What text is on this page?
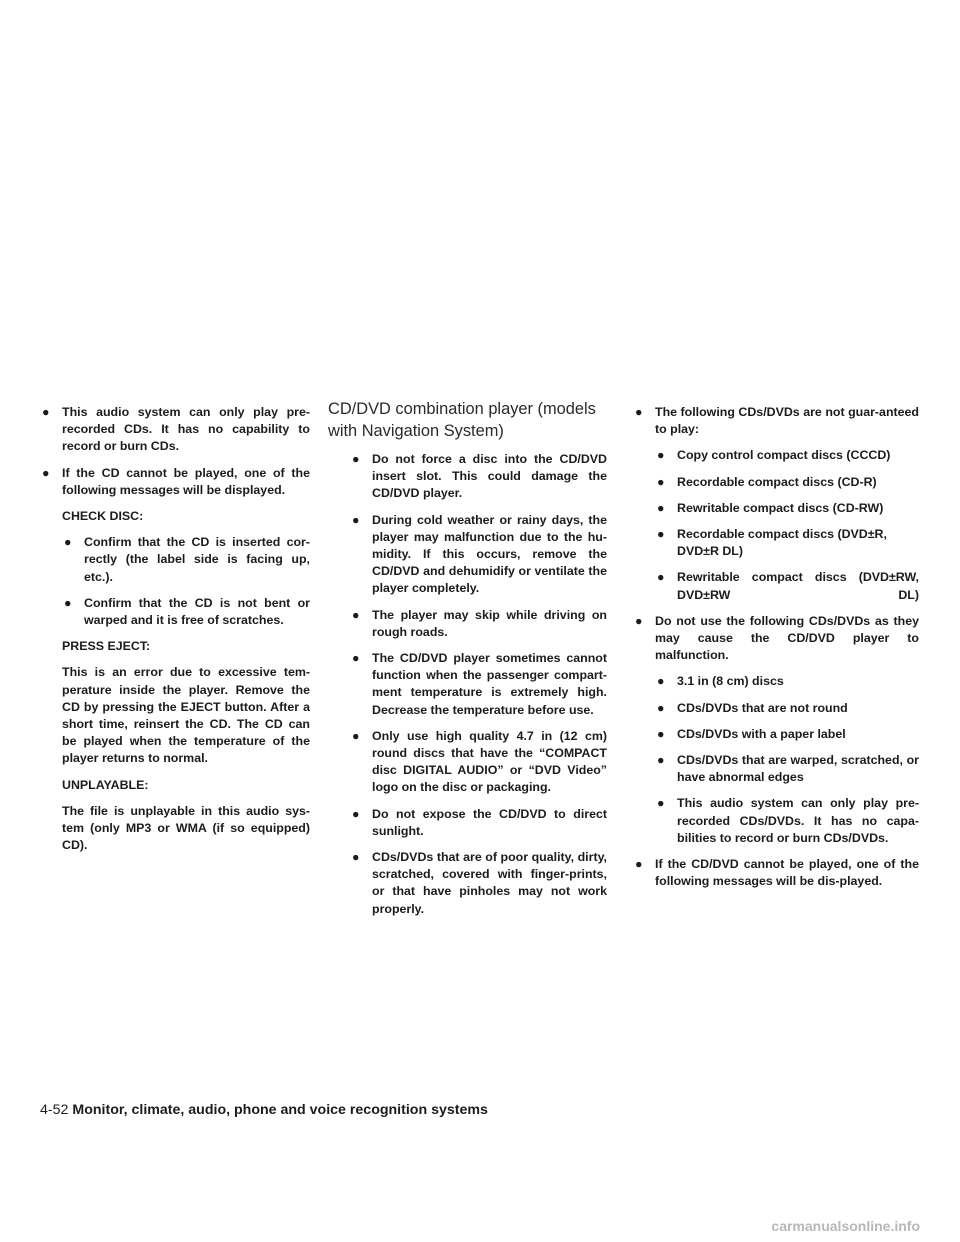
● This audio system can only play pre-recorded CDs. It has no capability to record or burn CDs.
● If the CD cannot be played, one of the following messages will be displayed.
CHECK DISC:
● Confirm that the CD is inserted cor-rectly (the label side is facing up, etc.).
● Confirm that the CD is not bent or warped and it is free of scratches.
PRESS EJECT:
This is an error due to excessive tem-perature inside the player. Remove the CD by pressing the EJECT button. After a short time, reinsert the CD. The CD can be played when the temperature of the player returns to normal.
UNPLAYABLE:
The file is unplayable in this audio sys-tem (only MP3 or WMA (if so equipped) CD).
CD/DVD combination player (models with Navigation System)
● Do not force a disc into the CD/DVD insert slot. This could damage the CD/DVD player.
● During cold weather or rainy days, the player may malfunction due to the hu-midity. If this occurs, remove the CD/DVD and dehumidify or ventilate the player completely.
● The player may skip while driving on rough roads.
● The CD/DVD player sometimes cannot function when the passenger compart-ment temperature is extremely high. Decrease the temperature before use.
● Only use high quality 4.7 in (12 cm) round discs that have the “COMPACT disc DIGITAL AUDIO” or “DVD Video” logo on the disc or packaging.
● Do not expose the CD/DVD to direct sunlight.
● CDs/DVDs that are of poor quality, dirty, scratched, covered with finger-prints, or that have pinholes may not work properly.
● The following CDs/DVDs are not guar-anteed to play:
● Copy control compact discs (CCCD)
● Recordable compact discs (CD-R)
● Rewritable compact discs (CD-RW)
● Recordable compact discs (DVD±R, DVD±R DL)
● Rewritable compact discs (DVD±RW, DVD±RW DL)
● Do not use the following CDs/DVDs as they may cause the CD/DVD player to malfunction.
● 3.1 in (8 cm) discs
● CDs/DVDs that are not round
● CDs/DVDs with a paper label
● CDs/DVDs that are warped, scratched, or have abnormal edges
● This audio system can only play pre-recorded CDs/DVDs. It has no capa-bilities to record or burn CDs/DVDs.
● If the CD/DVD cannot be played, one of the following messages will be dis-played.
4-52 Monitor, climate, audio, phone and voice recognition systems
carmanualsonline.info
